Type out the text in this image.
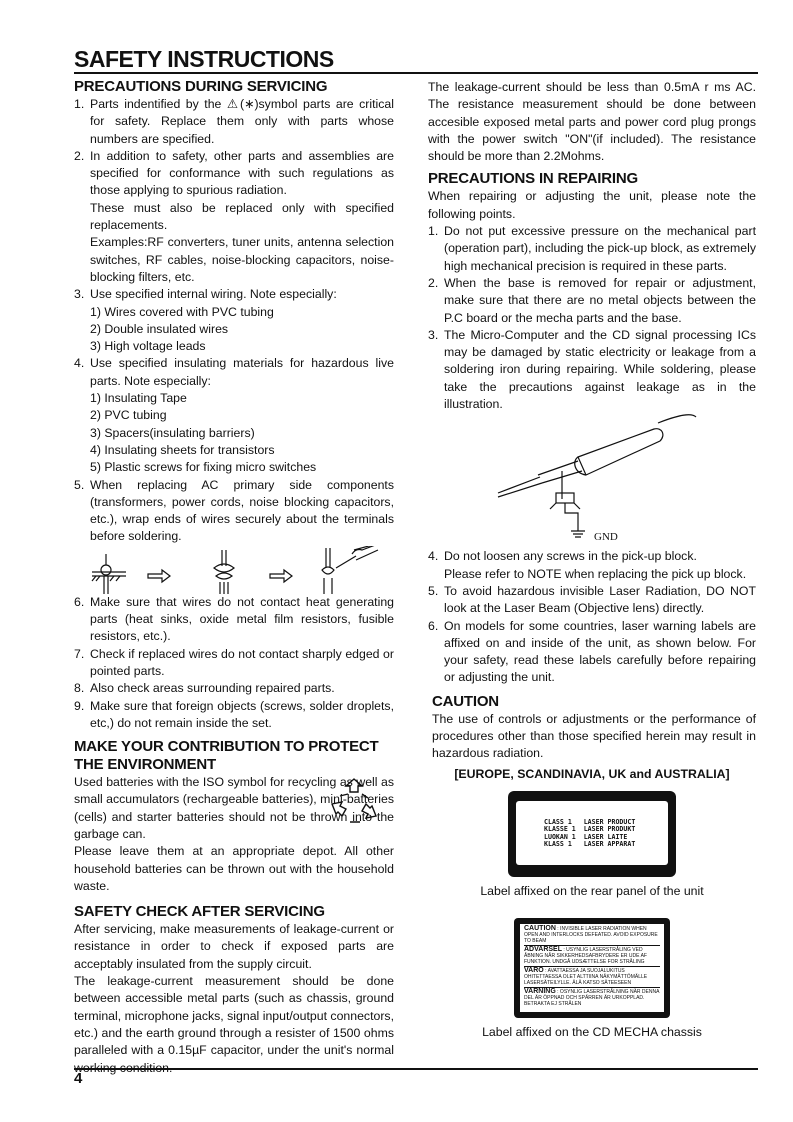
SAFETY INSTRUCTIONS
PRECAUTIONS DURING SERVICING
1. Parts indentified by the ⚠(∗)symbol parts are critical for safety. Replace them only with parts whose numbers are specified.
2. In addition to safety, other parts and assemblies are specified for conformance with such regulations as those applying to spurious radiation.
These must also be replaced only with specified replacements.
Examples:RF converters, tuner units, antenna selection switches, RF cables, noise-blocking capacitors, noise-blocking filters, etc.
3. Use specified internal wiring. Note especially:
1) Wires covered with PVC tubing
2) Double insulated wires
3) High voltage leads
4. Use specified insulating materials for hazardous live parts. Note especially:
1) Insulating Tape
2) PVC tubing
3) Spacers(insulating barriers)
4) Insulating sheets for transistors
5) Plastic screws for fixing micro switches
5. When replacing AC primary side components (transformers, power cords, noise blocking capacitors, etc.), wrap ends of wires securely about the terminals before soldering.
6. Make sure that wires do not contact heat generating parts (heat sinks, oxide metal film resistors, fusible resistors, etc.).
7. Check if replaced wires do not contact sharply edged or pointed parts.
8. Also check areas surrounding repaired parts.
9. Make sure that foreign objects (screws, solder droplets, etc,) do not remain inside the set.
MAKE YOUR CONTRIBUTION TO PROTECT THE ENVIRONMENT

Used batteries with the ISO symbol for recycling as well as small accumulators (rechargeable batteries), mini-batteries (cells) and starter batteries should not be thrown into the garbage can.

Please leave them at an appropriate depot. All other household batteries can be thrown out with the household waste.

SAFETY CHECK AFTER SERVICING

After servicing, make measurements of leakage-current or resistance in order to check if exposed parts are acceptably insulated from the supply circuit.

The leakage-current measurement should be done between accessible metal parts (such as chassis, ground terminal, microphone jacks, signal input/output connectors, etc.) and the earth ground through a resister of 1500 ohms paralleled with a 0.15µF capacitor, under the unit's normal

The leakage-current should be less than 0.5mA r ms AC. The resistance measurement should be done between accesible exposed metal parts and power cord plug prongs with the power switch "ON"(if included). The resistance should be more than 2.2Mohms.

PRECAUTIONS IN REPAIRING

When repairing or adjusting the unit, please note the following points.

1. Do not put excessive pressure on the mechanical part (operation part), including the pick-up block, as extremely high mechanical precision is required in these parts.
2. When the base is removed for repair or adjustment, make sure that there are no metal objects between the P.C board or the mecha parts and the base.
3. The Micro-Computer and the CD signal processing ICs may be damaged by static electricity or leakage from a soldering iron during repairing. While soldering, please take the precautions against leakage as in the illustration.
GND
4. Do not loosen any screws in the pick-up block.
Please refer to NOTE when replacing the pick up block.
5. To avoid hazardous invisible Laser Radiation, DO NOT look at the Laser Beam (Objective lens) directly.
6. On models for some countries, laser warning labels are affixed on and inside of the unit, as shown below. For your safety, read these labels carefully before repairing or adjusting the unit.
CAUTION

The use of controls or adjustments or the performance of procedures other than those specified herein may result in hazardous radiation.

[EUROPE, SCANDINAVIA, UK and AUSTRALIA]
CLASS 1   LASER PRODUCT
KLASSE 1  LASER PRODUKT
LUOKAN 1  LASER LAITE
KLASS 1   LASER APPARAT
Label affixed on the rear panel of the unit
CAUTION : INVISIBLE LASER RADIATION WHEN OPEN AND INTERLOCKS DEFEATED. AVOID EXPOSURE TO BEAM
ADVARSEL : USYNLIG LASERSTRÅLING VED ÅBNING NÅR SIKKERHEDSAFBRYDERE ER UDE AF FUNKTION. UNDGÅ UDSÆTTELSE FOR STRÅLING
VARO : AVATTAESSA JA SUOJALUKITUS OHITETTAESSA OLET ALTTIINA NÄKYMÄTTÖMÄLLE LASERSÄTEILYLLE. ÄLÄ KATSO SÄTEESEEN
VARNING : OSYNLIG LASERSTRÅLNING NÄR DENNA DEL ÄR ÖPPNAD OCH SPÄRREN ÄR URKOPPLAD. BETRAKTA EJ STRÅLEN
Label affixed on the CD MECHA chassis
4
